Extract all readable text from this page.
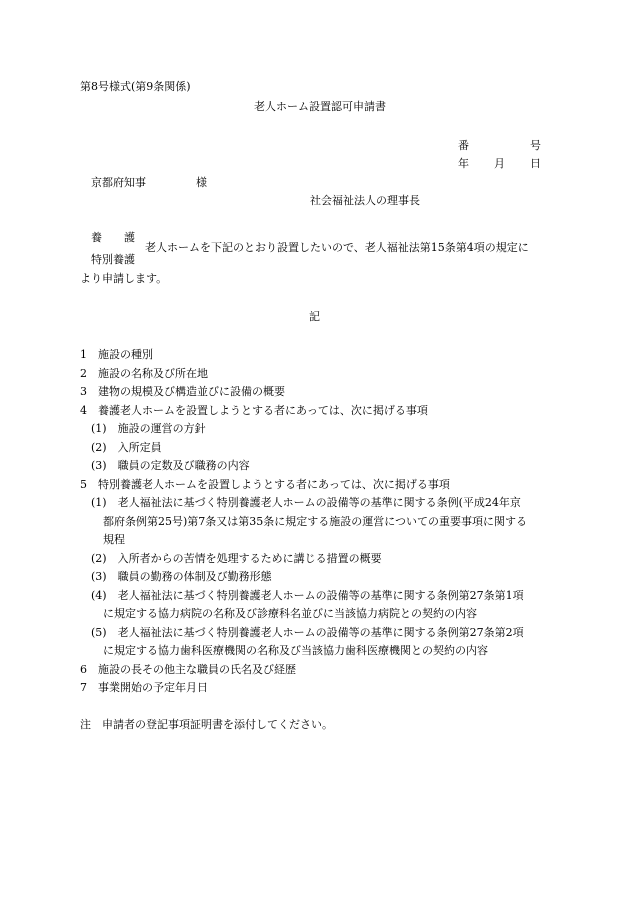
第8号様式(第9条関係)
老人ホーム設置認可申請書
番	号
年 月 日
京都府知事	様
社会福祉法人の理事長
養　　護
老人ホームを下記のとおり設置したいので、老人福祉法第15条第4項の規定に
特別養護
より申請します。
記
1　施設の種別
2　施設の名称及び所在地
3　建物の規模及び構造並びに設備の概要
4　養護老人ホームを設置しようとする者にあっては、次に掲げる事項
(1)　施設の運営の方針
(2)　入所定員
(3)　職員の定数及び職務の内容
5　特別養護老人ホームを設置しようとする者にあっては、次に掲げる事項
(1)　老人福祉法に基づく特別養護老人ホームの設備等の基準に関する条例(平成24年京
都府条例第25号)第7条又は第35条に規定する施設の運営についての重要事項に関する
規程
(2)　入所者からの苦情を処理するために講じる措置の概要
(3)　職員の勤務の体制及び勤務形態
(4)　老人福祉法に基づく特別養護老人ホームの設備等の基準に関する条例第27条第1項
に規定する協力病院の名称及び診療科名並びに当該協力病院との契約の内容
(5)　老人福祉法に基づく特別養護老人ホームの設備等の基準に関する条例第27条第2項
に規定する協力歯科医療機関の名称及び当該協力歯科医療機関との契約の内容
6　施設の長その他主な職員の氏名及び経歴
7　事業開始の予定年月日
注　申請者の登記事項証明書を添付してください。
